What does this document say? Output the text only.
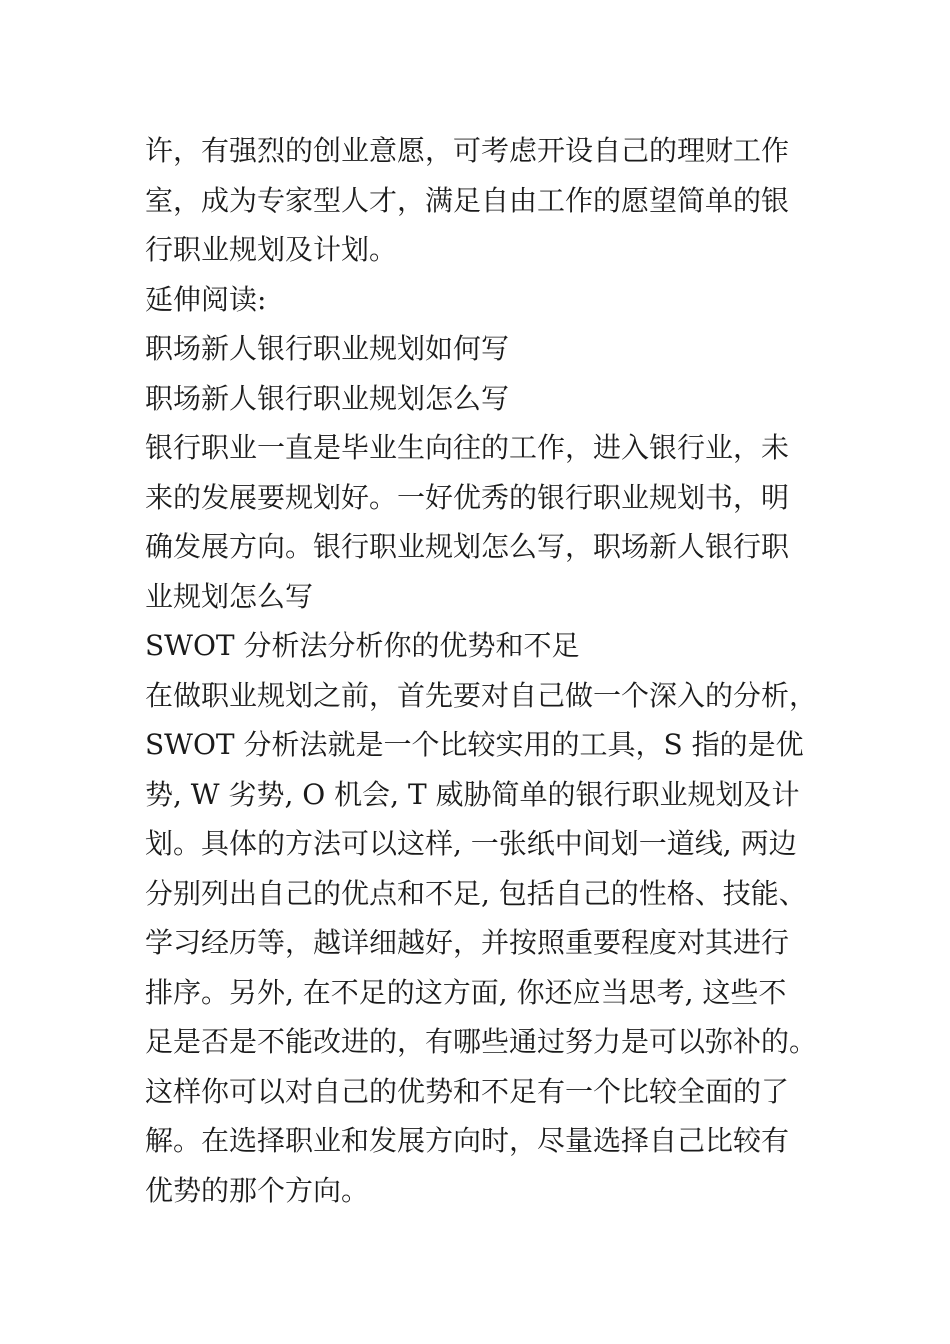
许，有强烈的创业意愿，可考虑开设自己的理财工作
室，成为专家型人才，满足自由工作的愿望简单的银
行职业规划及计划。
延伸阅读:
职场新人银行职业规划如何写
职场新人银行职业规划怎么写
银行职业一直是毕业生向往的工作，进入银行业，未
来的发展要规划好。一好优秀的银行职业规划书，明
确发展方向。银行职业规划怎么写，职场新人银行职
业规划怎么写
SWOT 分析法分析你的优势和不足
在做职业规划之前，首先要对自己做一个深入的分析，
SWOT 分析法就是一个比较实用的工具，S 指的是优
势, W 劣势, O 机会, T 威胁简单的银行职业规划及计
划。具体的方法可以这样, 一张纸中间划一道线, 两边
分别列出自己的优点和不足, 包括自己的性格、技能、
学习经历等，越详细越好，并按照重要程度对其进行
排序。另外, 在不足的这方面, 你还应当思考, 这些不
足是否是不能改进的，有哪些通过努力是可以弥补的。
这样你可以对自己的优势和不足有一个比较全面的了
解。在选择职业和发展方向时，尽量选择自己比较有
优势的那个方向。
